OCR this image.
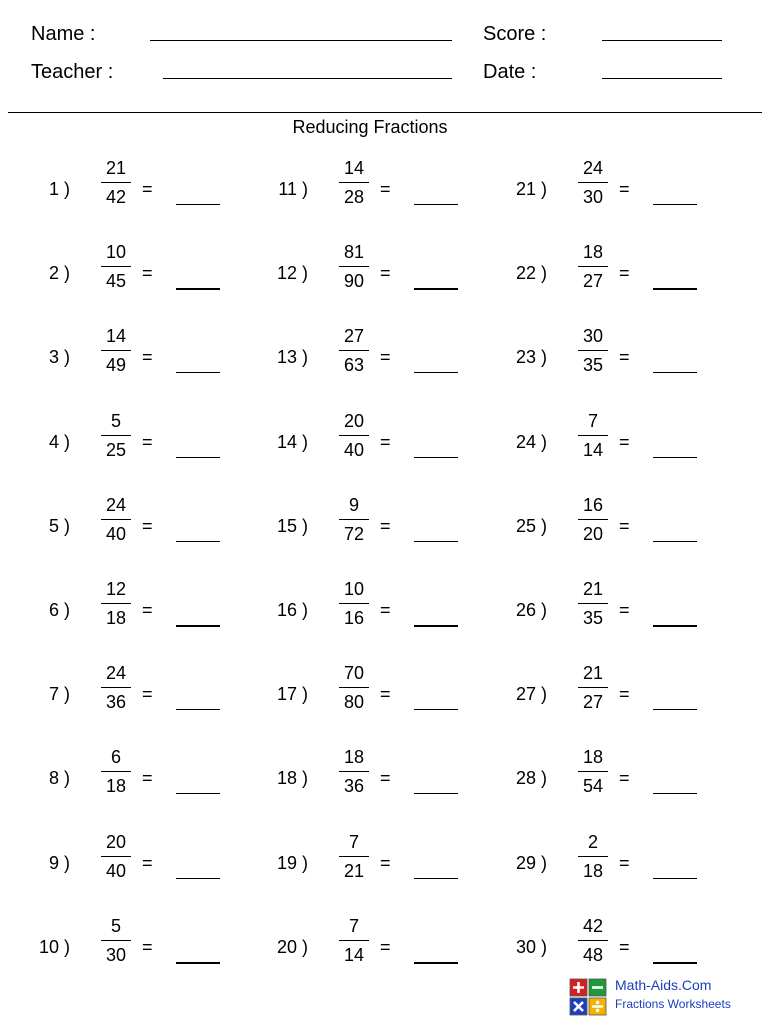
Name :
Teacher :
Score :
Date :
Reducing Fractions
1 )
21
42 =
2 )
10
45 =
3 )
14
49 =
4 )
5
25 =
5 )
24
40 =
6 )
12
18 =
7 )
24
36 =
8 )
6
18 =
9 )
20
40 =
10 )
5
30 =
11 )
14
28 =
12 )
81
90 =
13 )
27
63 =
14 )
20
40 =
15 )
9
72 =
16 )
10
16 =
17 )
70
80 =
18 )
18
36 =
19 )
7
21 =
20 )
7
14 =
21 )
24
30 =
22 )
18
27 =
23 )
30
35 =
24 )
7
14 =
25 )
16
20 =
26 )
21
35 =
27 )
21
27 =
28 )
18
54 =
29 )
2
18 =
30 )
42
48 =
Math-Aids.Com
Fractions Worksheets
